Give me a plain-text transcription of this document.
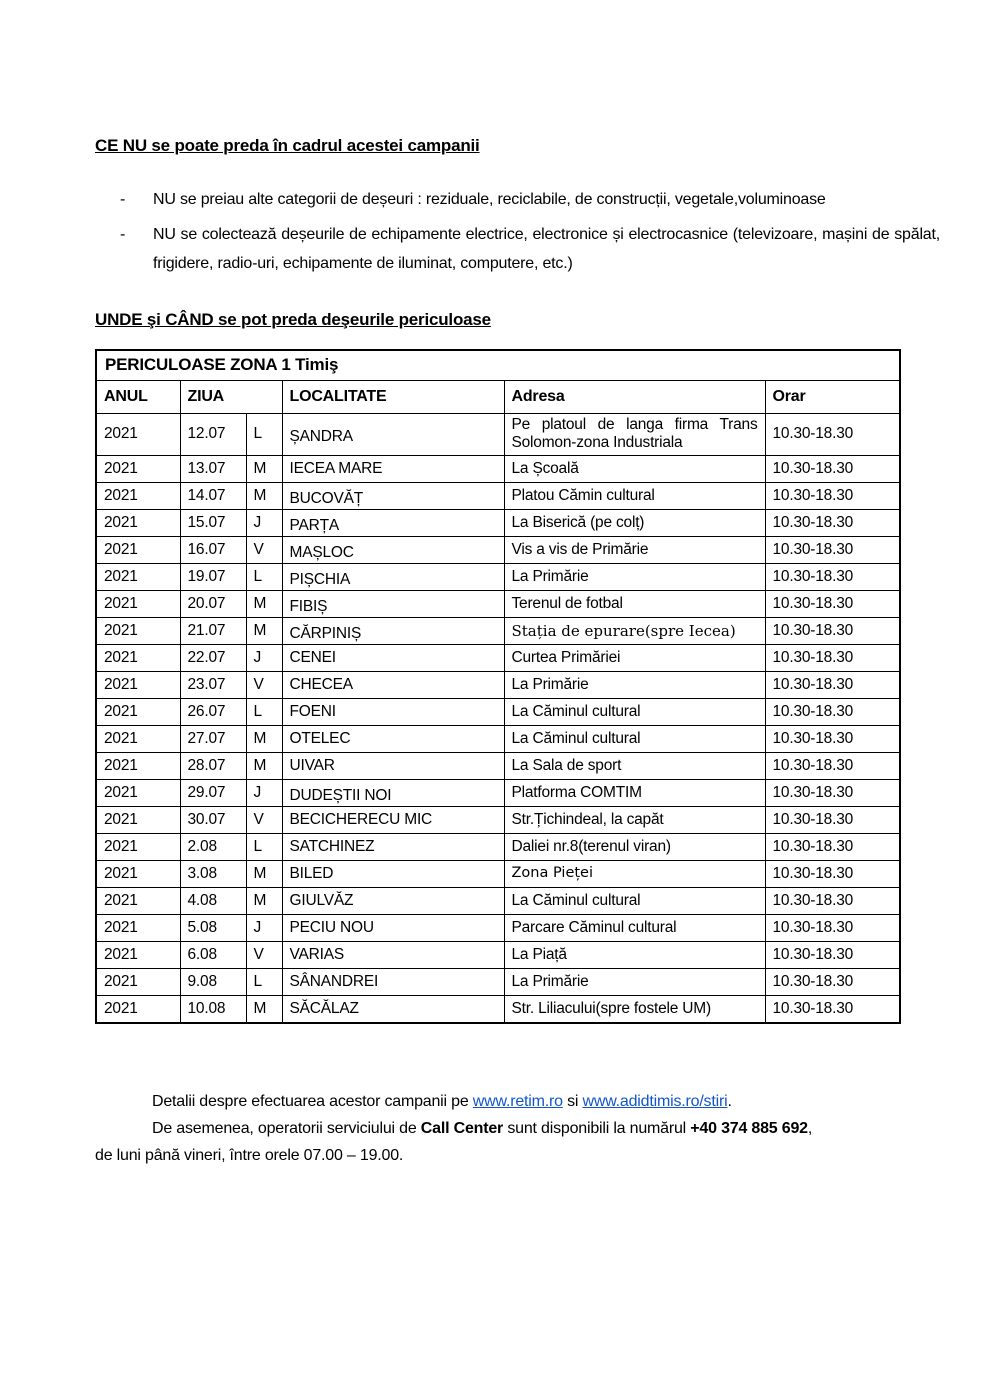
CE NU se poate preda în cadrul acestei campanii
-	NU se preiau alte categorii de deșeuri : reziduale, reciclabile, de construcții, vegetale,voluminoase

-	NU se colectează deșeurile de echipamente electrice, electronice și electrocasnice (televizoare, mașini de spălat, frigidere, radio-uri, echipamente de iluminat, computere, etc.)

UNDE şi CÂND se pot preda deşeurile periculoase
PERICULOASE ZONA 1 Timiş					
ANUL	ZIUA		LOCALITATE	Adresa	Orar
2021	12.07	L	ȘANDRA	Pe platoul de langa firma Trans Solomon-zona Industriala	10.30-18.30
2021	13.07	M	IECEA MARE	La Școală	10.30-18.30
2021	14.07	M	BUCOVĂȚ	Platou Cămin cultural	10.30-18.30
2021	15.07	J	PARȚA	La Biserică (pe colț)	10.30-18.30
2021	16.07	V	MAȘLOC	Vis a vis de Primărie	10.30-18.30
2021	19.07	L	PIȘCHIA	La Primărie	10.30-18.30
2021	20.07	M	FIBIȘ	Terenul de fotbal	10.30-18.30
2021	21.07	M	CĂRPINIȘ	Stația de epurare(spre Iecea)	10.30-18.30
2021	22.07	J	CENEI	Curtea Primăriei	10.30-18.30
2021	23.07	V	CHECEA	La Primărie	10.30-18.30
2021	26.07	L	FOENI	La Căminul cultural	10.30-18.30
2021	27.07	M	OTELEC	La Căminul cultural	10.30-18.30
2021	28.07	M	UIVAR	La Sala de sport	10.30-18.30
2021	29.07	J	DUDEȘTII NOI	Platforma COMTIM	10.30-18.30
2021	30.07	V	BECICHERECU MIC	Str.Țichindeal, la capăt	10.30-18.30
2021	2.08	L	SATCHINEZ	Daliei nr.8(terenul viran)	10.30-18.30
2021	3.08	M	BILED	Zona Pieței	10.30-18.30
2021	4.08	M	GIULVĂZ	La Căminul cultural	10.30-18.30
2021	5.08	J	PECIU NOU	Parcare Căminul cultural	10.30-18.30
2021	6.08	V	VARIAS	La Piață	10.30-18.30
2021	9.08	L	SÂNANDREI	La Primărie	10.30-18.30
2021	10.08	M	SĂCĂLAZ	Str. Liliacului(spre fostele UM)	10.30-18.30

Detalii despre efectuarea acestor campanii pe www.retim.ro si www.adidtimis.ro/stiri.

De asemenea, operatorii serviciului de Call Center sunt disponibili la numărul +40 374 885 692,
de luni până vineri, între orele 07.00 – 19.00.
